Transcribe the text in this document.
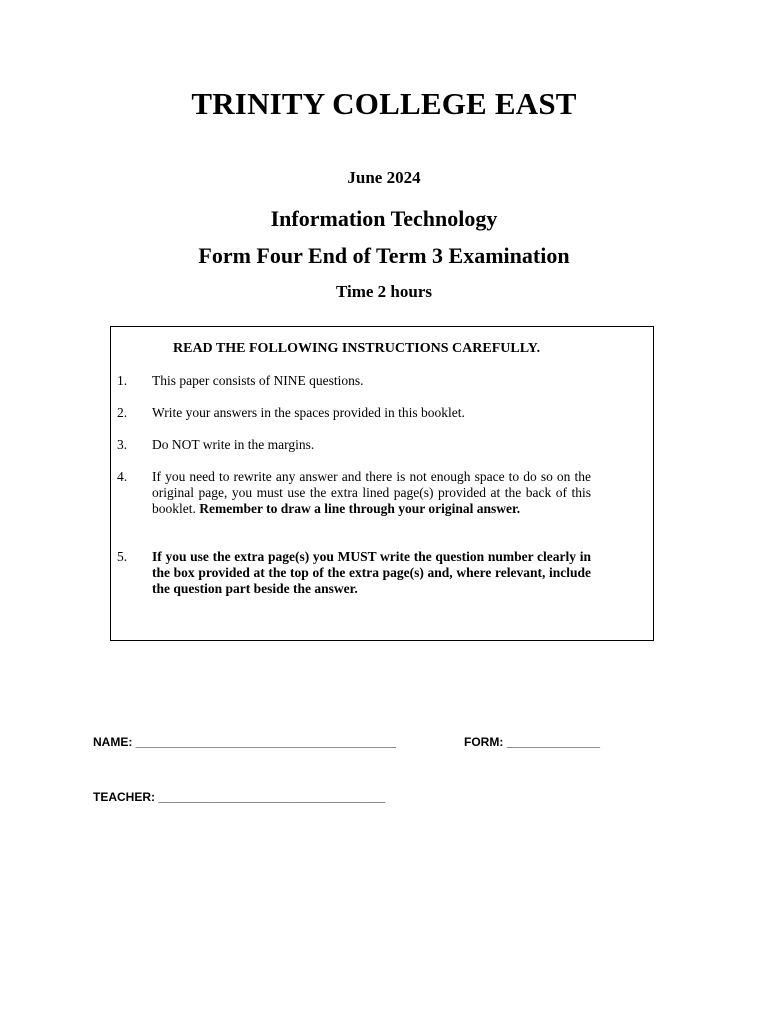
TRINITY COLLEGE EAST
June 2024
Information Technology
Form Four End of Term 3 Examination
Time 2 hours
READ THE FOLLOWING INSTRUCTIONS CAREFULLY.
1.	This paper consists of NINE questions.
2.	Write your answers in the spaces provided in this booklet.
3.	Do NOT write in the margins.
4.	If you need to rewrite any answer and there is not enough space to do so on the original page, you must use the extra lined page(s) provided at the back of this booklet. Remember to draw a line through your original answer.
5.	If you use the extra page(s) you MUST write the question number clearly in the box provided at the top of the extra page(s) and, where relevant, include the question part beside the answer.
NAME: _______________________________________	FORM: ______________
TEACHER: __________________________________
